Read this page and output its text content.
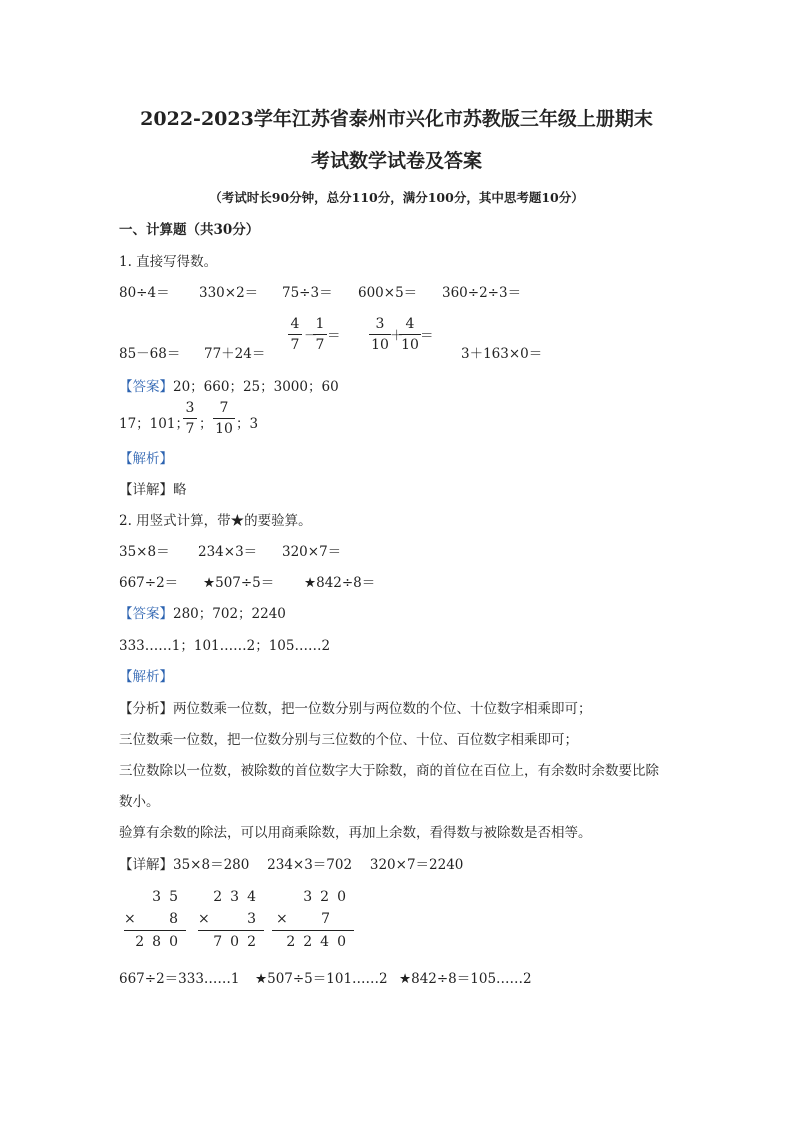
2022-2023学年江苏省泰州市兴化市苏教版三年级上册期末
考试数学试卷及答案
（考试时长90分钟，总分110分，满分100分，其中思考题10分）
一、计算题（共30分）
1. 直接写得数。
80÷4＝ 330×2＝ 75÷3＝ 600×5＝ 360÷2÷3＝
85－68＝ 77＋24＝
4
7
－
1
7
＝
3
10
＋
4
10
＝
3＋163×0＝
【答案】20；660；25；3000；60
17；101；
3
7 ；
7
10 ；3
【解析】
【详解】略
2. 用竖式计算，带★的要验算。
35×8＝ 234×3＝ 320×7＝
667÷2＝ ★507÷5＝ ★842÷8＝
【答案】280；702；2240
333……1；101……2；105……2
【解析】
【分析】两位数乘一位数，把一位数分别与两位数的个位、十位数字相乘即可；
三位数乘一位数，把一位数分别与三位数的个位、十位、百位数字相乘即可；
三位数除以一位数，被除数的首位数字大于除数，商的首位在百位上，有余数时余数要比除
数小。
验算有余数的除法，可以用商乘除数，再加上余数，看得数与被除数是否相等。
【详解】35×8＝280　 234×3＝702　 320×7＝2240
35
× 8
280
234
×	3
702
320
× 7
2240
667÷2＝333……1 ★507÷5＝101……2 ★842÷8＝105……2
